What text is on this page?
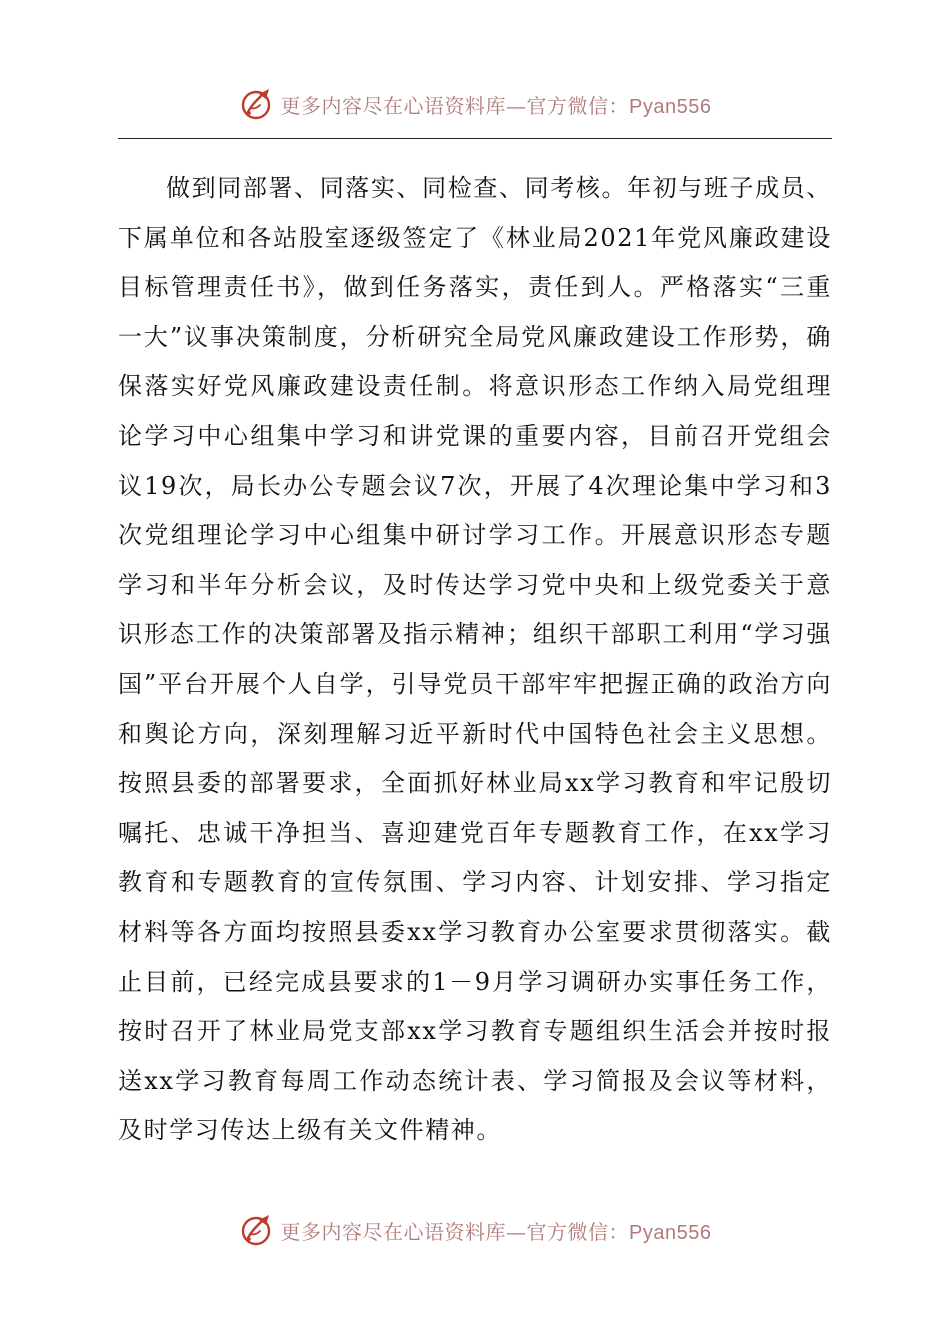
更多内容尽在心语资料库—官方微信：Pyan556

做到同部署、同落实、同检查、同考核。年初与班子成员、下属单位和各站股室逐级签定了《林业局2021年党风廉政建设目标管理责任书》，做到任务落实，责任到人。严格落实“三重一大”议事决策制度，分析研究全局党风廉政建设工作形势，确保落实好党风廉政建设责任制。将意识形态工作纳入局党组理论学习中心组集中学习和讲党课的重要内容，目前召开党组会议19次，局长办公专题会议7次，开展了4次理论集中学习和3次党组理论学习中心组集中研讨学习工作。开展意识形态专题学习和半年分析会议，及时传达学习党中央和上级党委关于意识形态工作的决策部署及指示精神；组织干部职工利用“学习强国”平台开展个人自学，引导党员干部牢牢把握正确的政治方向和舆论方向，深刻理解习近平新时代中国特色社会主义思想。按照县委的部署要求，全面抓好林业局xx学习教育和牢记殷切嘱托、忠诚干净担当、喜迎建党百年专题教育工作，在xx学习教育和专题教育的宣传氛围、学习内容、计划安排、学习指定材料等各方面均按照县委xx学习教育办公室要求贯彻落实。截止目前，已经完成县要求的1－9月学习调研办实事任务工作，按时召开了林业局党支部xx学习教育专题组织生活会并按时报送xx学习教育每周工作动态统计表、学习简报及会议等材料，及时学习传达上级有关文件精神。

更多内容尽在心语资料库—官方微信：Pyan556
